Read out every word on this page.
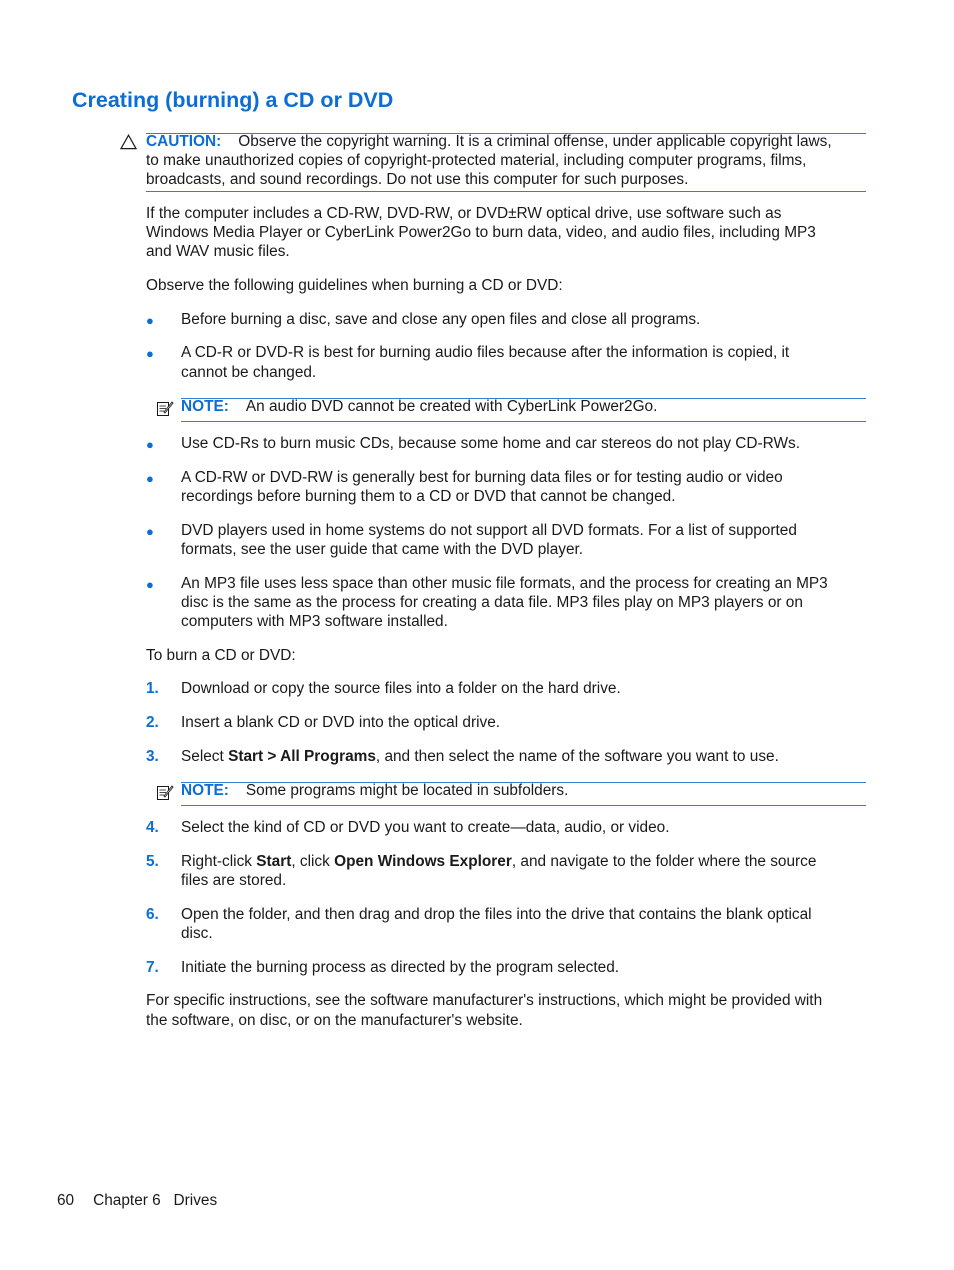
Creating (burning) a CD or DVD
CAUTION: Observe the copyright warning. It is a criminal offense, under applicable copyright laws,
to make unauthorized copies of copyright-protected material, including computer programs, films,
broadcasts, and sound recordings. Do not use this computer for such purposes.
If the computer includes a CD-RW, DVD-RW, or DVD±RW optical drive, use software such as
Windows Media Player or CyberLink Power2Go to burn data, video, and audio files, including MP3
and WAV music files.
Observe the following guidelines when burning a CD or DVD:
● Before burning a disc, save and close any open files and close all programs.
● A CD-R or DVD-R is best for burning audio files because after the information is copied, it
cannot be changed.
NOTE: An audio DVD cannot be created with CyberLink Power2Go.
● Use CD-Rs to burn music CDs, because some home and car stereos do not play CD-RWs.
● A CD-RW or DVD-RW is generally best for burning data files or for testing audio or video
recordings before burning them to a CD or DVD that cannot be changed.
● DVD players used in home systems do not support all DVD formats. For a list of supported
formats, see the user guide that came with the DVD player.
● An MP3 file uses less space than other music file formats, and the process for creating an MP3
disc is the same as the process for creating a data file. MP3 files play on MP3 players or on
computers with MP3 software installed.
To burn a CD or DVD:
1. Download or copy the source files into a folder on the hard drive.
2. Insert a blank CD or DVD into the optical drive.
3. Select Start > All Programs, and then select the name of the software you want to use.
NOTE: Some programs might be located in subfolders.
4. Select the kind of CD or DVD you want to create—data, audio, or video.
5. Right-click Start, click Open Windows Explorer, and navigate to the folder where the source
files are stored.
6. Open the folder, and then drag and drop the files into the drive that contains the blank optical
disc.
7. Initiate the burning process as directed by the program selected.
For specific instructions, see the software manufacturer's instructions, which might be provided with
the software, on disc, or on the manufacturer's website.
60 Chapter 6   Drives
